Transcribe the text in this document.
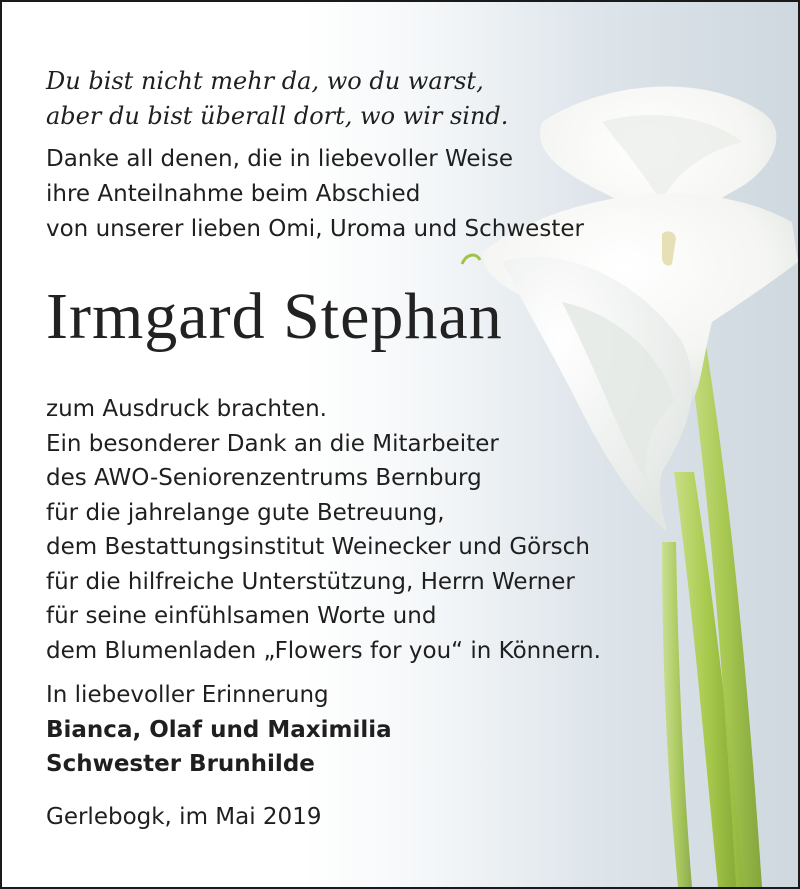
Du bist nicht mehr da, wo du warst,
aber du bist überall dort, wo wir sind.
Danke all denen, die in liebevoller Weise
ihre Anteilnahme beim Abschied
von unserer lieben Omi, Uroma und Schwester
Irmgard Stephan
zum Ausdruck brachten.
Ein besonderer Dank an die Mitarbeiter
des AWO-Seniorenzentrums Bernburg
für die jahrelange gute Betreuung,
dem Bestattungsinstitut Weinecker und Görsch
für die hilfreiche Unterstützung, Herrn Werner
für seine einfühlsamen Worte und
dem Blumenladen „Flowers for you“ in Könnern.
In liebevoller Erinnerung
Bianca, Olaf und Maximilia
Schwester Brunhilde
Gerlebogk, im Mai 2019
